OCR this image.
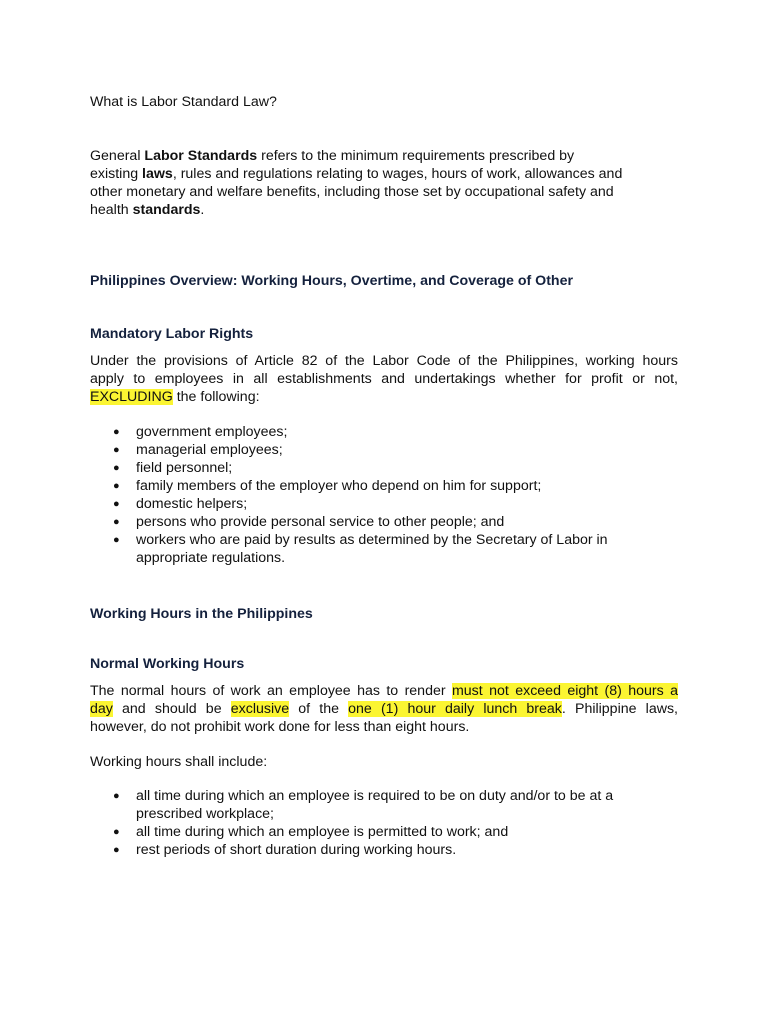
What is Labor Standard Law?
General Labor Standards refers to the minimum requirements prescribed by
existing laws, rules and regulations relating to wages, hours of work, allowances and
other monetary and welfare benefits, including those set by occupational safety and
health standards.
Philippines Overview: Working Hours, Overtime, and Coverage of Other
Mandatory Labor Rights
Under the provisions of Article 82 of the Labor Code of the Philippines, working hours
apply to employees in all establishments and undertakings whether for profit or not,
EXCLUDING the following:
● government employees;
● managerial employees;
● field personnel;
● family members of the employer who depend on him for support;
● domestic helpers;
● persons who provide personal service to other people; and
● workers who are paid by results as determined by the Secretary of Labor in
appropriate regulations.
Working Hours in the Philippines
Normal Working Hours
The normal hours of work an employee has to render must not exceed eight (8) hours a
day and should be exclusive of the one (1) hour daily lunch break. Philippine laws,
however, do not prohibit work done for less than eight hours.
Working hours shall include:
● all time during which an employee is required to be on duty and/or to be at a
prescribed workplace;
● all time during which an employee is permitted to work; and
● rest periods of short duration during working hours.
